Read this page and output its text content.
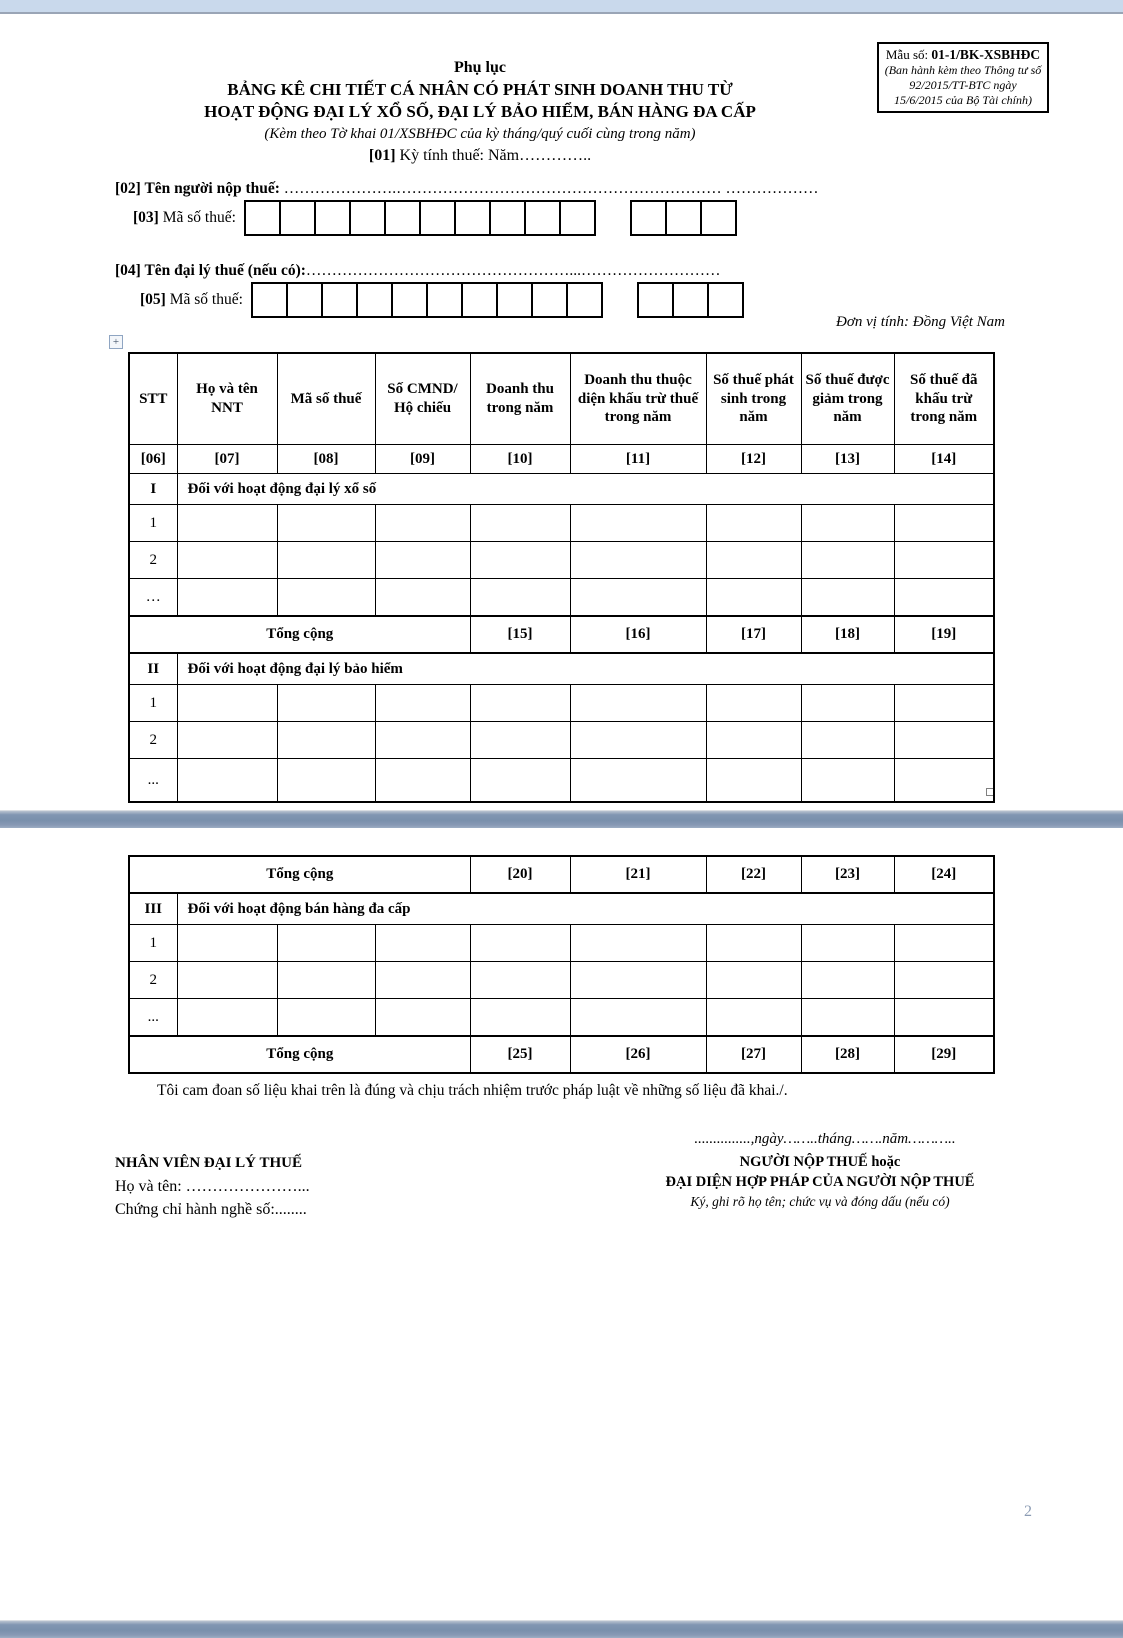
Mẫu số: 01-1/BK-XSBHĐC
(Ban hành kèm theo Thông tư số 92/2015/TT-BTC ngày 15/6/2015 của Bộ Tài chính)
Phụ lục
BẢNG KÊ CHI TIẾT CÁ NHÂN CÓ PHÁT SINH DOANH THU TỪ
HOẠT ĐỘNG ĐẠI LÝ XỔ SỐ, ĐẠI LÝ BẢO HIỂM, BÁN HÀNG ĐA CẤP
(Kèm theo Tờ khai 01/XSBHĐC của kỳ tháng/quý cuối cùng trong năm)
[01] Kỳ tính thuế: Năm…………..
[02] Tên người nộp thuế: ………………….……………………………………………………… ………………
[03] Mã số thuế:
[04] Tên đại lý thuế (nếu có):……………………………………………...………………………
[05] Mã số thuế:
Đơn vị tính: Đồng Việt Nam
+
STT	Họ và tên NNT	Mã số thuế	Số CMND/ Hộ chiếu	Doanh thu trong năm	Doanh thu thuộc diện khấu trừ thuế trong năm	Số thuế phát sinh trong năm	Số thuế được giảm trong năm	Số thuế đã khấu trừ trong năm
[06]	[07]	[08]	[09]	[10]	[11]	[12]	[13]	[14]
I	Đối với hoạt động đại lý xổ số							
1								
2								
…								
Tổng cộng				[15]	[16]	[17]	[18]	[19]
II	Đối với hoạt động đại lý bảo hiểm							
1								
2								
...								
Tổng cộng				[20]	[21]	[22]	[23]	[24]
III	Đối với hoạt động bán hàng đa cấp							
1								
2								
...								
Tổng cộng				[25]	[26]	[27]	[28]	[29]
Tôi cam đoan số liệu khai trên là đúng và chịu trách nhiệm trước pháp luật về những số liệu đã khai./.
...............,ngày……..tháng…….năm………..
NHÂN VIÊN ĐẠI LÝ THUẾ
Họ và tên: …………………...
Chứng chỉ hành nghề số:........
NGƯỜI NỘP THUẾ hoặc
ĐẠI DIỆN HỢP PHÁP CỦA NGƯỜI NỘP THUẾ
Ký, ghi rõ họ tên; chức vụ và đóng dấu (nếu có)
2
